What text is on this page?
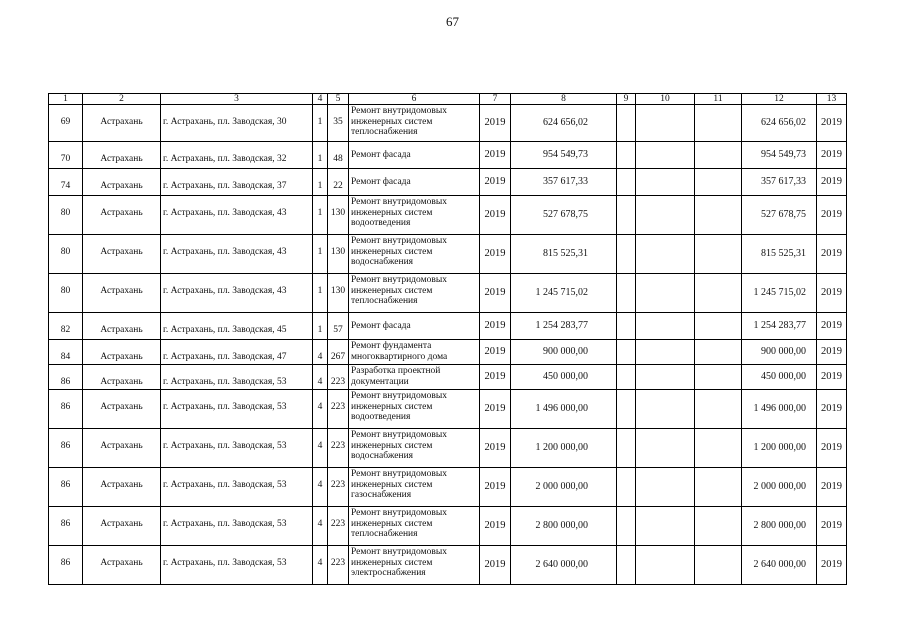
67
1	2	3	4	5	6	7	8	9	10	11	12	13
69	Астрахань	г. Астрахань, пл. Заводская, 30	1	35	Ремонт внутридомовых
инженерных систем
теплоснабжения	2019	624 656,02				624 656,02	2019
70	Астрахань	г. Астрахань, пл. Заводская, 32	1	48	Ремонт фасада	2019	954 549,73				954 549,73	2019
74	Астрахань	г. Астрахань, пл. Заводская, 37	1	22	Ремонт фасада	2019	357 617,33				357 617,33	2019
80	Астрахань	г. Астрахань, пл. Заводская, 43	1	130	Ремонт внутридомовых
инженерных систем
водоотведения	2019	527 678,75				527 678,75	2019
80	Астрахань	г. Астрахань, пл. Заводская, 43	1	130	Ремонт внутридомовых
инженерных систем
водоснабжения	2019	815 525,31				815 525,31	2019
80	Астрахань	г. Астрахань, пл. Заводская, 43	1	130	Ремонт внутридомовых
инженерных систем
теплоснабжения	2019	1 245 715,02				1 245 715,02	2019
82	Астрахань	г. Астрахань, пл. Заводская, 45	1	57	Ремонт фасада	2019	1 254 283,77				1 254 283,77	2019
84	Астрахань	г. Астрахань, пл. Заводская, 47	4	267	Ремонт фундамента
многоквартирного дома	2019	900 000,00				900 000,00	2019
86	Астрахань	г. Астрахань, пл. Заводская, 53	4	223	Разработка проектной
документации	2019	450 000,00				450 000,00	2019
86	Астрахань	г. Астрахань, пл. Заводская, 53	4	223	Ремонт внутридомовых
инженерных систем
водоотведения	2019	1 496 000,00				1 496 000,00	2019
86	Астрахань	г. Астрахань, пл. Заводская, 53	4	223	Ремонт внутридомовых
инженерных систем
водоснабжения	2019	1 200 000,00				1 200 000,00	2019
86	Астрахань	г. Астрахань, пл. Заводская, 53	4	223	Ремонт внутридомовых
инженерных систем
газоснабжения	2019	2 000 000,00				2 000 000,00	2019
86	Астрахань	г. Астрахань, пл. Заводская, 53	4	223	Ремонт внутридомовых
инженерных систем
теплоснабжения	2019	2 800 000,00				2 800 000,00	2019
86	Астрахань	г. Астрахань, пл. Заводская, 53	4	223	Ремонт внутридомовых
инженерных систем
электроснабжения	2019	2 640 000,00				2 640 000,00	2019
